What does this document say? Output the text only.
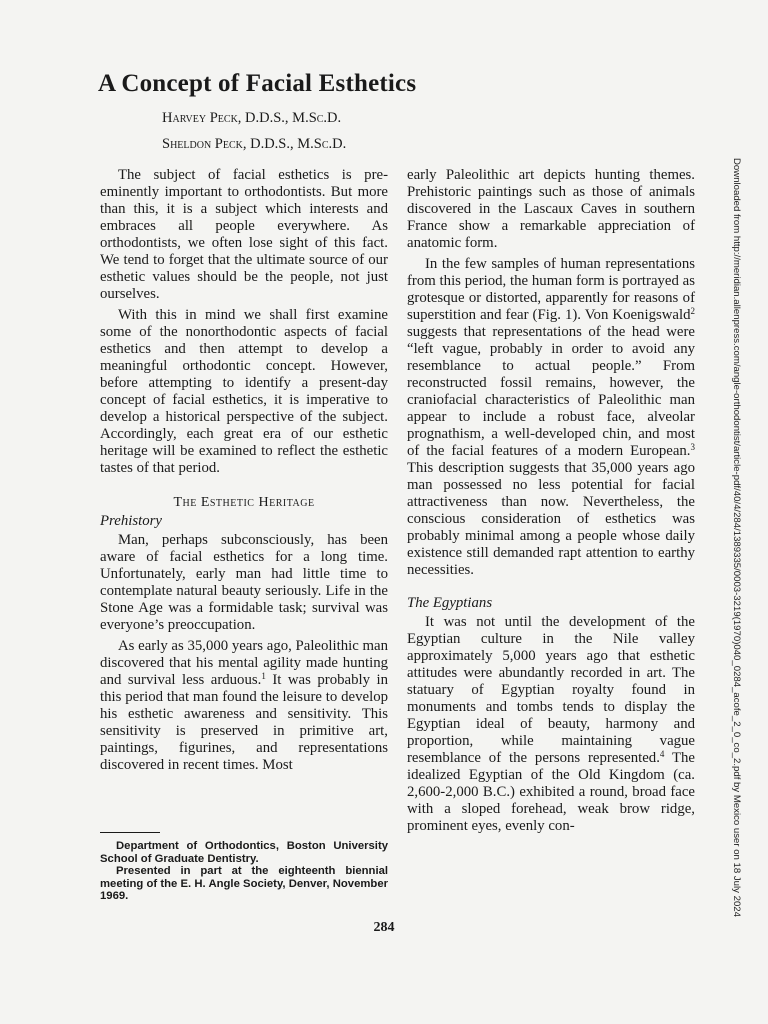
A Concept of Facial Esthetics
Harvey Peck, D.D.S., M.Sc.D.
Sheldon Peck, D.D.S., M.Sc.D.

The subject of facial esthetics is pre-eminently important to orthodontists. But more than this, it is a subject which interests and embraces all people everywhere. As orthodontists, we often lose sight of this fact. We tend to forget that the ultimate source of our esthetic values should be the people, not just ourselves.

With this in mind we shall first examine some of the nonorthodontic aspects of facial esthetics and then attempt to develop a meaningful orthodontic concept. However, before attempting to identify a present-day concept of facial esthetics, it is imperative to develop a historical perspective of the subject. Accordingly, each great era of our esthetic heritage will be examined to reflect the esthetic tastes of that period.

The Esthetic Heritage
Prehistory

Man, perhaps subconsciously, has been aware of facial esthetics for a long time. Unfortunately, early man had little time to contemplate natural beauty seriously. Life in the Stone Age was a formidable task; survival was everyone’s preoccupation.

As early as 35,000 years ago, Paleolithic man discovered that his mental agility made hunting and survival less arduous.$^1$ It was probably in this period that man found the leisure to develop his esthetic awareness and sensitivity. This sensitivity is preserved in primitive art, paintings, figurines, and representations discovered in recent times. Most

early Paleolithic art depicts hunting themes. Prehistoric paintings such as those of animals discovered in the Lascaux Caves in southern France show a remarkable appreciation of anatomic form.

In the few samples of human representations from this period, the human form is portrayed as grotesque or distorted, apparently for reasons of superstition and fear (Fig. 1). Von Koenigswald$^2$ suggests that representations of the head were “left vague, probably in order to avoid any resemblance to actual people.” From reconstructed fossil remains, however, the craniofacial characteristics of Paleolithic man appear to include a robust face, alveolar prognathism, a well-developed chin, and most of the facial features of a modern European.$^3$ This description suggests that 35,000 years ago man possessed no less potential for facial attractiveness than now. Nevertheless, the conscious consideration of esthetics was probably minimal among a people whose daily existence still demanded rapt attention to earthy necessities.

The Egyptians

It was not until the development of the Egyptian culture in the Nile valley approximately 5,000 years ago that esthetic attitudes were abundantly recorded in art. The statuary of Egyptian royalty found in monuments and tombs tends to display the Egyptian ideal of beauty, harmony and proportion, while maintaining vague resemblance of the persons represented.$^4$ The idealized Egyptian of the Old Kingdom (ca. 2,600-2,000 B.C.) exhibited a round, broad face with a sloped forehead, weak brow ridge, prominent eyes, evenly con-

Department of Orthodontics, Boston University School of Graduate Dentistry.

Presented in part at the eighteenth biennial meeting of the E. H. Angle Society, Denver, November 1969.

284
Downloaded from http://meridian.allenpress.com/angle-orthodontist/article-pdf/40/4/284/1389335/0003-3219(1970)040_0284_acofe_2_0_co_2.pdf by Mexico user on 18 July 2024
